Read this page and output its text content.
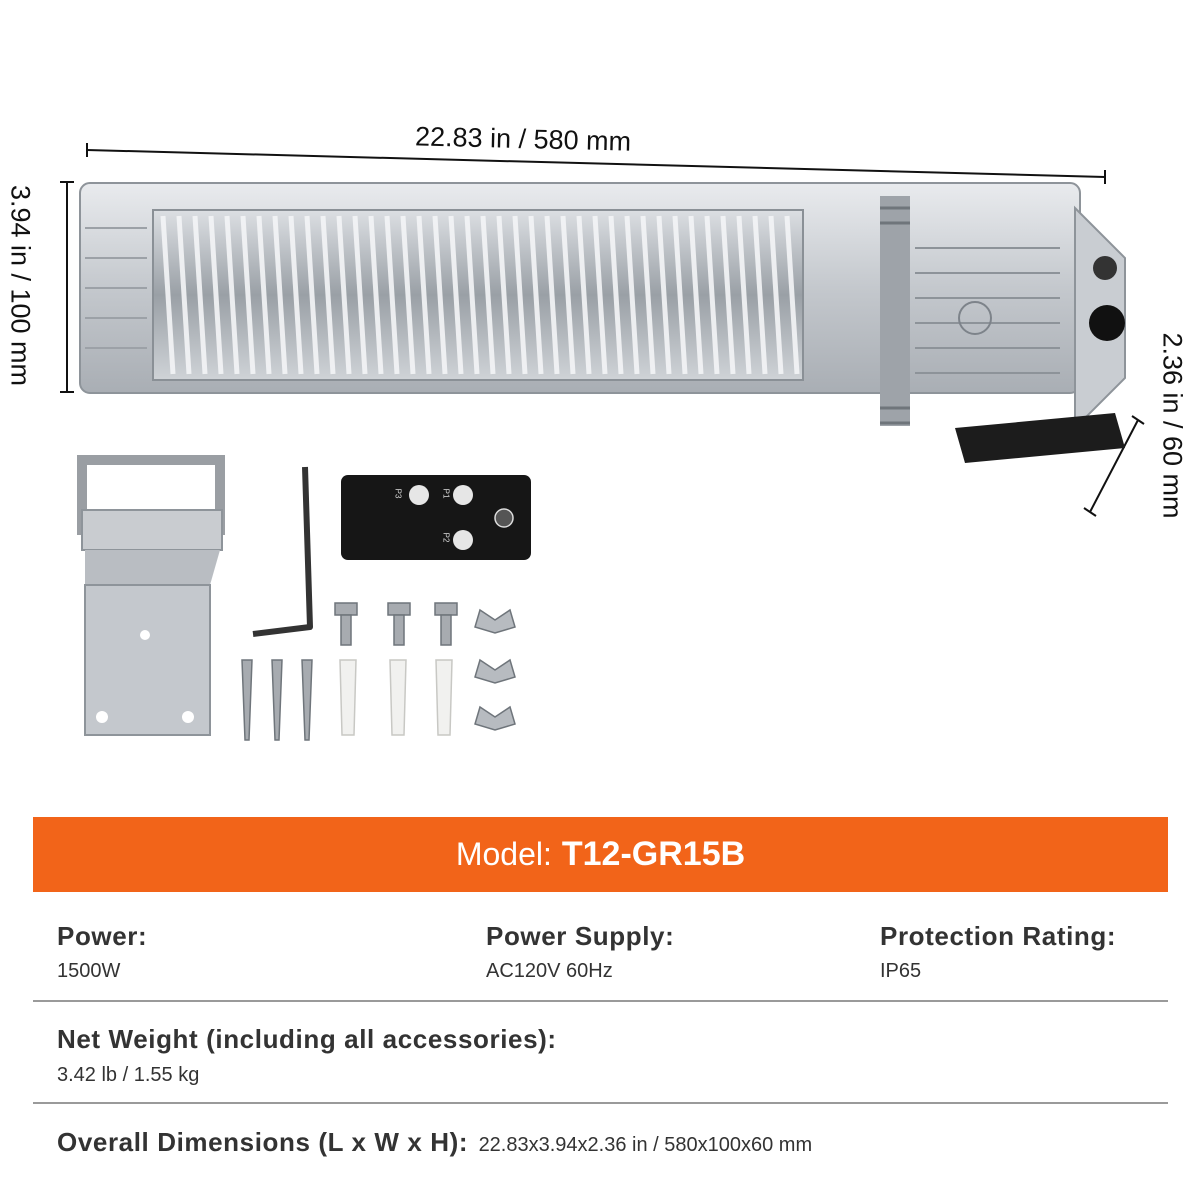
22.83 in / 580 mm
3.94 in / 100 mm
2.36 in / 60 mm
P3	P1
P2
Model: T12-GR15B
Power:
1500W
Power Supply:
AC120V 60Hz
Protection Rating:
IP65
Net Weight (including all accessories):
3.42 lb / 1.55 kg
Overall Dimensions (L x W x H): 22.83x3.94x2.36 in / 580x100x60 mm
